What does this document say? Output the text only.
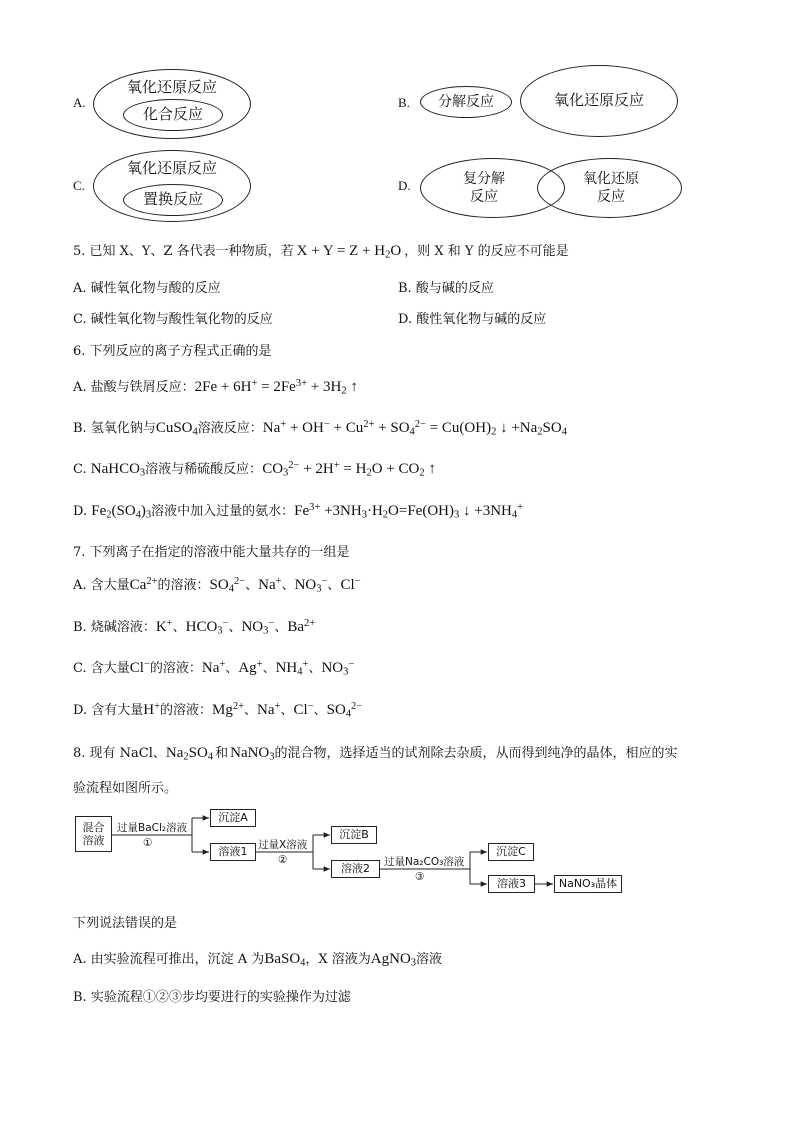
A.
氧化还原反应
化合反应
B. 分解反应	氧化还原反应
C.
氧化还原反应
置换反应
D.	复分解
反应
氧化还原
反应
5. 已知 X、Y、Z 各代表一种物质，若 $X + Y = Z + H_2O$ ，则 X 和 Y 的反应不可能是
A. 碱性氧化物与酸的反应	B. 酸与碱的反应
C. 碱性氧化物与酸性氧化物的反应	D. 酸性氧化物与碱的反应
6. 下列反应的离子方程式正确的是
A. 盐酸与铁屑反应：$2Fe + 6H^+ = 2Fe^{3+} + 3H_2$ ↑
B. 氢氧化钠与CuSO$_4$溶液反应：$Na^+ + OH^- + Cu^{2+} + SO_4^{2-} = Cu(OH)_2$ ↓ $+Na_2SO_4$
C. NaHCO$_3$溶液与稀硫酸反应：$CO_3^{2-} + 2H^+ = H_2O + CO_2$ ↑
D. $Fe_2(SO_4)_3$溶液中加入过量的氨水：$Fe^{3+} +3NH_3\cdot H_2O=Fe(OH)_3$ ↓ $+3NH_4^+$
7. 下列离子在指定的溶液中能大量共存的一组是
A. 含大量$Ca^{2+}$的溶液：$SO_4^{2-}$、Na+、$NO_3^-$、Cl−
B. 烧碱溶液：K+、$HCO_3^-$、$NO_3^-$、$Ba^{2+}$
C. 含大量Cl−的溶液：Na+、Ag+、$NH_4^+$、$NO_3^-$
D. 含有大量H+的溶液：$Mg^{2+}$、Na+、Cl−、$SO_4^{2-}$
8. 现有 NaCl、$Na_2SO_4$ 和 NaNO$_3$的混合物，选择适当的试剂除去杂质，从而得到纯净的晶体，相应的实
验流程如图所示。
混合
溶液
过量BaCl₂溶液
①
沉淀A
溶液1
过量X溶液
②
沉淀B
溶液2
过量Na₂CO₃溶液
③
沉淀C
溶液3	NaNO₃晶体
下列说法错误的是
A. 由实验流程可推出，沉淀 A 为BaSO$_4$，X 溶液为AgNO$_3$溶液
B. 实验流程①②③步均要进行的实验操作为过滤
